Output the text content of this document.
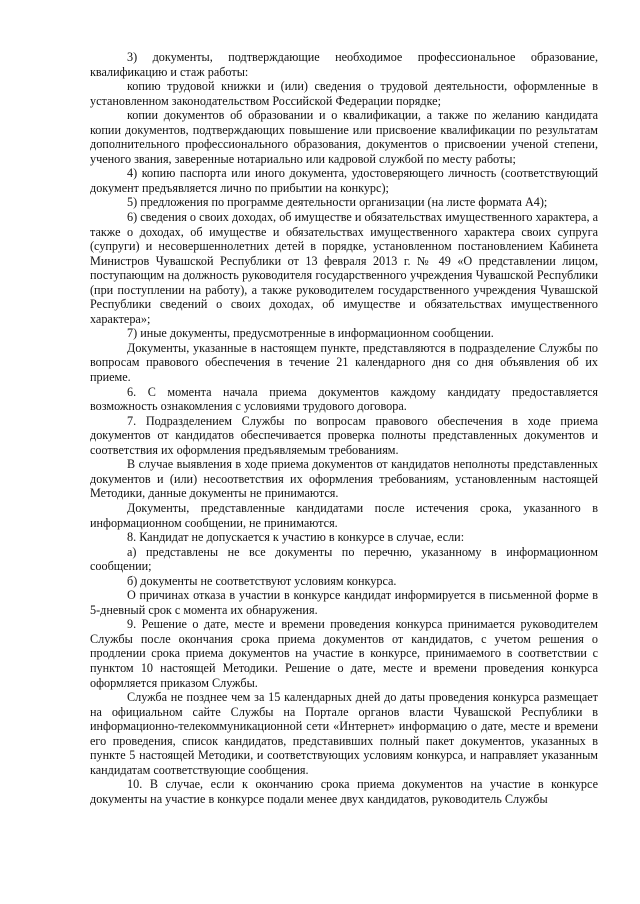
3) документы, подтверждающие необходимое профессиональное образование, квалификацию и стаж работы:

копию трудовой книжки и (или) сведения о трудовой деятельности, оформленные в установленном законодательством Российской Федерации порядке;

копии документов об образовании и о квалификации, а также по желанию кандидата копии документов, подтверждающих повышение или присвоение квалификации по результатам дополнительного профессионального образования, документов о присвоении ученой степени, ученого звания, заверенные нотариально или кадровой службой по месту работы;

4) копию паспорта или иного документа, удостоверяющего личность (соответствующий документ предъявляется лично по прибытии на конкурс);

5) предложения по программе деятельности организации (на листе формата А4);

6) сведения о своих доходах, об имуществе и обязательствах имущественного характера, а также о доходах, об имуществе и обязательствах имущественного характера своих супруга (супруги) и несовершеннолетних детей в порядке, установленном постановлением Кабинета Министров Чувашской Республики от 13 февраля 2013 г. № 49 «О представлении лицом, поступающим на должность руководителя государственного учреждения Чувашской Республики (при поступлении на работу), а также руководителем государственного учреждения Чувашской Республики сведений о своих доходах, об имуществе и обязательствах имущественного характера»;

7) иные документы, предусмотренные в информационном сообщении.

Документы, указанные в настоящем пункте, представляются в подразделение Службы по вопросам правового обеспечения в течение 21 календарного дня со дня объявления об их приеме.

6. С момента начала приема документов каждому кандидату предоставляется возможность ознакомления с условиями трудового договора.

7. Подразделением Службы по вопросам правового обеспечения в ходе приема документов от кандидатов обеспечивается проверка полноты представленных документов и соответствия их оформления предъявляемым требованиям.

В случае выявления в ходе приема документов от кандидатов неполноты представленных документов и (или) несоответствия их оформления требованиям, установленным настоящей Методики, данные документы не принимаются.

Документы, представленные кандидатами после истечения срока, указанного в информационном сообщении, не принимаются.

8. Кандидат не допускается к участию в конкурсе в случае, если:

а) представлены не все документы по перечню, указанному в информационном сообщении;

б) документы не соответствуют условиям конкурса.

О причинах отказа в участии в конкурсе кандидат информируется в письменной форме в 5-дневный срок с момента их обнаружения.

9. Решение о дате, месте и времени проведения конкурса принимается руководителем Службы после окончания срока приема документов от кандидатов, с учетом решения о продлении срока приема документов на участие в конкурсе, принимаемого в соответствии с пунктом 10 настоящей Методики. Решение о дате, месте и времени проведения конкурса оформляется приказом Службы.

Служба не позднее чем за 15 календарных дней до даты проведения конкурса размещает на официальном сайте Службы на Портале органов власти Чувашской Республики в информационно-телекоммуникационной сети «Интернет» информацию о дате, месте и времени его проведения, список кандидатов, представивших полный пакет документов, указанных в пункте 5 настоящей Методики, и соответствующих условиям конкурса, и направляет указанным кандидатам соответствующие сообщения.

10. В случае, если к окончанию срока приема документов на участие в конкурсе документы на участие в конкурсе подали менее двух кандидатов, руководитель Службы
